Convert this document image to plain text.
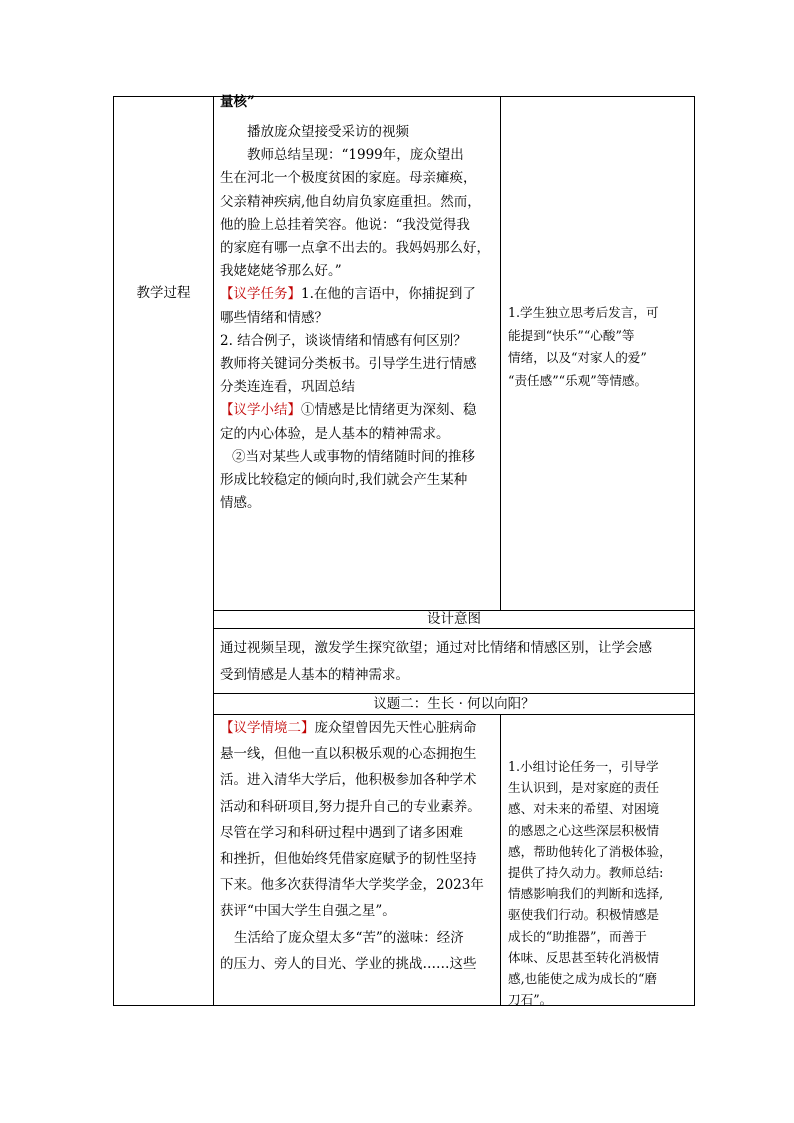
教学过程

量核”

播放庞众望接受采访的视频

教师总结呈现：“1999年，庞众望出

生在河北一个极度贫困的家庭。母亲瘫痪，

父亲精神疾病,他自幼肩负家庭重担。然而，

他的脸上总挂着笑容。他说：“我没觉得我

的家庭有哪一点拿不出去的。我妈妈那么好，

我姥姥姥爷那么好。”

【议学任务】1.在他的言语中，你捕捉到了

哪些情绪和情感？

2. 结合例子，谈谈情绪和情感有何区别？

教师将关键词分类板书。引导学生进行情感

分类连连看，巩固总结

【议学小结】①情感是比情绪更为深刻、稳

定的内心体验，是人基本的精神需求。

②当对某些人或事物的情绪随时间的推移

形成比较稳定的倾向时,我们就会产生某种

情感。

1.学生独立思考后发言，可

能提到“快乐”“心酸”等

情绪，以及“对家人的爱”

“责任感”“乐观”等情感。

设计意图

通过视频呈现，激发学生探究欲望；通过对比情绪和情感区别，让学会感

受到情感是人基本的精神需求。

议题二：生长 · 何以向阳？

【议学情境二】庞众望曾因先天性心脏病命

悬一线，但他一直以积极乐观的心态拥抱生

活。进入清华大学后，他积极参加各种学术

活动和科研项目,努力提升自己的专业素养。

尽管在学习和科研过程中遇到了诸多困难

和挫折，但他始终凭借家庭赋予的韧性坚持

下来。他多次获得清华大学奖学金，2023年

获评“中国大学生自强之星”。

生活给了庞众望太多“苦”的滋味：经济

的压力、旁人的目光、学业的挑战……这些

1.小组讨论任务一，引导学

生认识到，是对家庭的责任

感、对未来的希望、对困境

的感恩之心这些深层积极情

感，帮助他转化了消极体验，

提供了持久动力。教师总结:

情感影响我们的判断和选择,

驱使我们行动。积极情感是

成长的“助推器”，而善于

体味、反思甚至转化消极情

感,也能使之成为成长的“磨

刀石”。
